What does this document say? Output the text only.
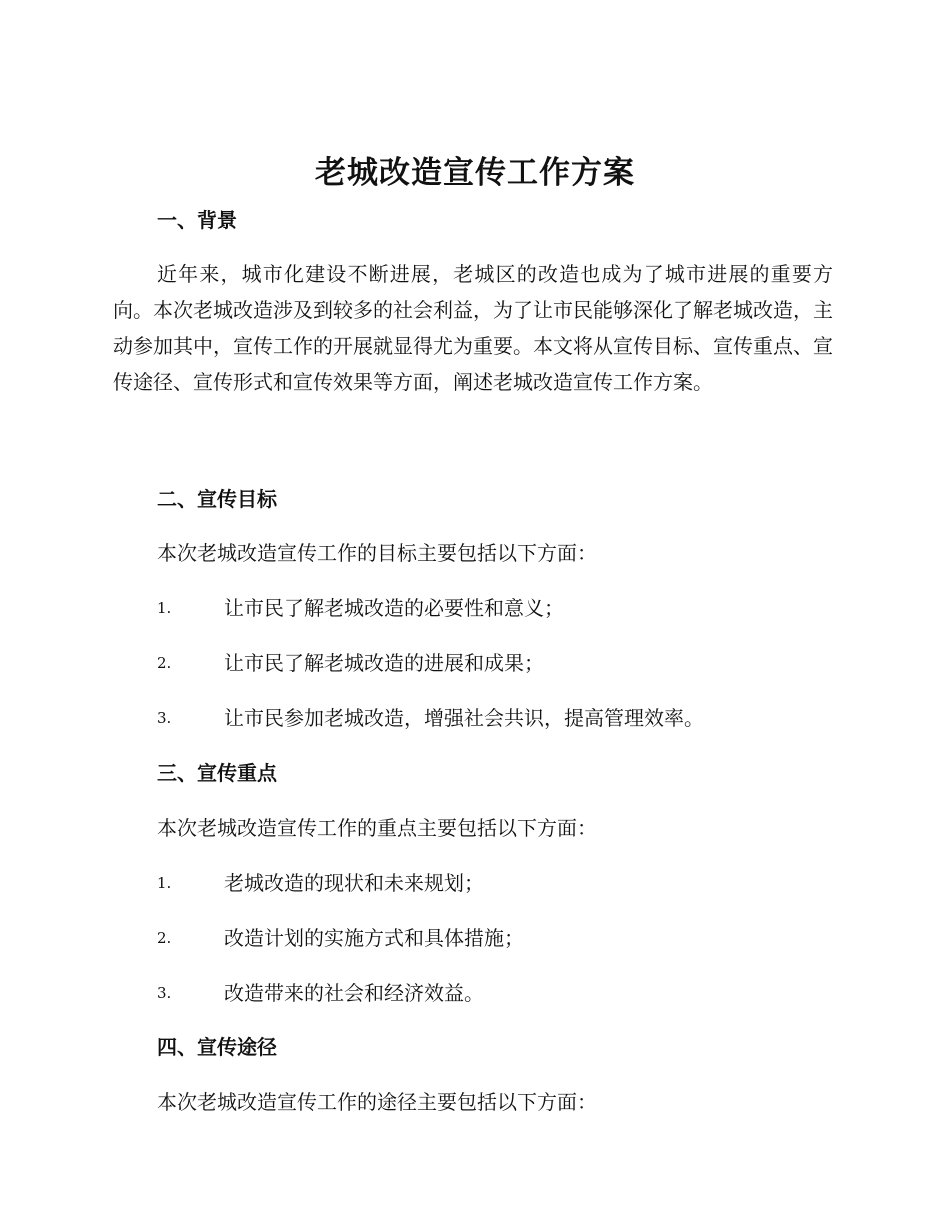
老城改造宣传工作方案
一、背景
近年来，城市化建设不断进展，老城区的改造也成为了城市进展的重要方向。本次老城改造涉及到较多的社会利益，为了让市民能够深化了解老城改造，主动参加其中，宣传工作的开展就显得尤为重要。本文将从宣传目标、宣传重点、宣传途径、宣传形式和宣传效果等方面，阐述老城改造宣传工作方案。
二、宣传目标
本次老城改造宣传工作的目标主要包括以下方面：
1.	让市民了解老城改造的必要性和意义；
2.	让市民了解老城改造的进展和成果；
3.	让市民参加老城改造，增强社会共识，提高管理效率。
三、宣传重点
本次老城改造宣传工作的重点主要包括以下方面：
1.	老城改造的现状和未来规划；
2.	改造计划的实施方式和具体措施；
3.	改造带来的社会和经济效益。
四、宣传途径
本次老城改造宣传工作的途径主要包括以下方面：
